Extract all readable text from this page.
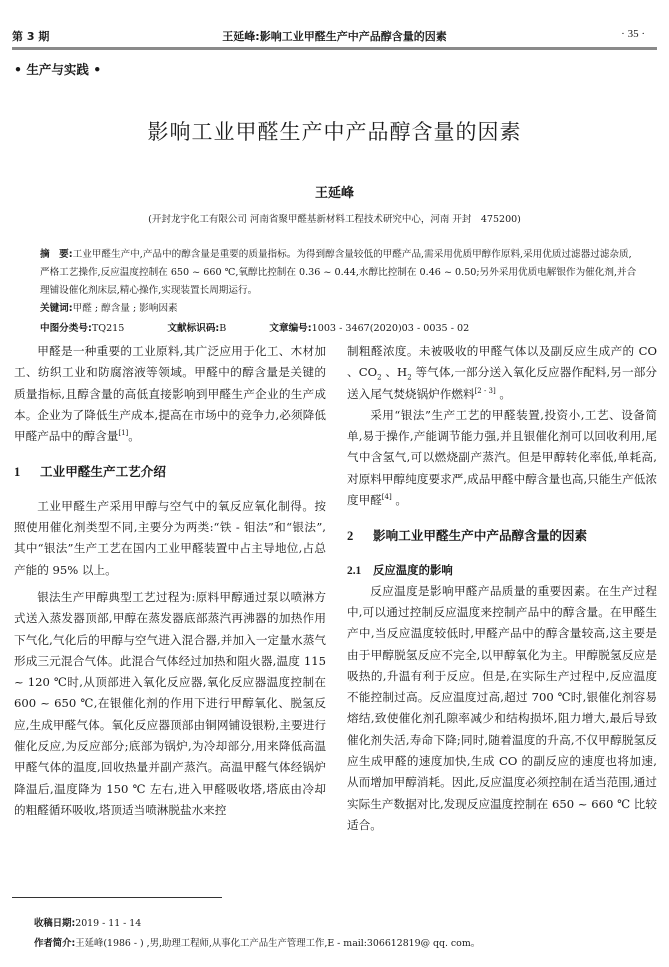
第 3 期	王延峰:影响工业甲醛生产中产品醇含量的因素	· 35 ·
• 生产与实践 •
影响工业甲醛生产中产品醇含量的因素
王延峰
(开封龙宇化工有限公司 河南省聚甲醛基新材料工程技术研究中心，河南 开封　475200)
摘　要:工业甲醛生产中,产品中的醇含量是重要的质量指标。为得到醇含量较低的甲醛产品,需采用优质甲醇作原料,采用优质过滤器过滤杂质,严格工艺操作,反应温度控制在 650 ~ 660 ℃,氧醇比控制在 0.36 ~ 0.44,水醇比控制在 0.46 ~ 0.50;另外采用优质电解银作为催化剂,并合理铺设催化剂床层,精心操作,实现装置长周期运行。
关键词:甲醛 ; 醇含量 ; 影响因素
中图分类号:TQ215	文献标识码:B	文章编号:1003 - 3467(2020)03 - 0035 - 02

甲醛是一种重要的工业原料,其广泛应用于化工、木材加工、纺织工业和防腐溶液等领域。甲醛中的醇含量是关键的质量指标,且醇含量的高低直接影响到甲醛生产企业的生产成本。企业为了降低生产成本,提高在市场中的竞争力,必须降低甲醛产品中的醇含量[1]。

1 工业甲醛生产工艺介绍

工业甲醛生产采用甲醇与空气中的氧反应氧化制得。按照使用催化剂类型不同,主要分为两类:“铁 - 钼法”和“银法”,其中“银法”生产工艺在国内工业甲醛装置中占主导地位,占总产能的 95% 以上。

银法生产甲醇典型工艺过程为:原料甲醇通过泵以喷淋方式送入蒸发器顶部,甲醇在蒸发器底部蒸汽再沸器的加热作用下气化,气化后的甲醇与空气进入混合器,并加入一定量水蒸气形成三元混合气体。此混合气体经过加热和阻火器,温度 115 ~ 120 ℃时,从顶部进入氧化反应器,氧化反应器温度控制在 600 ~ 650 ℃,在银催化剂的作用下进行甲醇氧化、脱氢反应,生成甲醛气体。氧化反应器顶部由铜网铺设银粉,主要进行催化反应,为反应部分;底部为锅炉,为冷却部分,用来降低高温甲醛气体的温度,回收热量并副产蒸汽。高温甲醛气体经锅炉降温后,温度降为 150 ℃ 左右,进入甲醛吸收塔,塔底由冷却的粗醛循环吸收,塔顶适当喷淋脱盐水来控

制粗醛浓度。未被吸收的甲醛气体以及副反应生成产的 CO 、$CO_2$ 、$H_2$ 等气体,一部分送入氧化反应器作配料,另一部分送入尾气焚烧锅炉作燃料[2 - 3] 。

采用“银法”生产工艺的甲醛装置,投资小,工艺、设备简单,易于操作,产能调节能力强,并且银催化剂可以回收利用,尾气中含氢气,可以燃烧副产蒸汽。但是甲醇转化率低,单耗高,对原料甲醇纯度要求严,成品甲醛中醇含量也高,只能生产低浓度甲醛[4] 。

2 影响工业甲醛生产中产品醇含量的因素
2.1 反应温度的影响

反应温度是影响甲醛产品质量的重要因素。在生产过程中,可以通过控制反应温度来控制产品中的醇含量。在甲醛生产中,当反应温度较低时,甲醛产品中的醇含量较高,这主要是由于甲醇脱氢反应不完全,以甲醇氧化为主。甲醇脱氢反应是吸热的,升温有利于反应。但是,在实际生产过程中,反应温度不能控制过高。反应温度过高,超过 700 ℃时,银催化剂容易熔结,致使催化剂孔隙率减少和结构损坏,阻力增大,最后导致催化剂失活,寿命下降;同时,随着温度的升高,不仅甲醇脱氢反应生成甲醛的速度加快,生成 CO 的副反应的速度也将加速,从而增加甲醇消耗。因此,反应温度必须控制在适当范围,通过实际生产数据对比,发现反应温度控制在 650 ~ 660 ℃ 比较适合。

收稿日期:2019 - 11 - 14
作者简介:王延峰(1986 - ) ,男,助理工程师,从事化工产品生产管理工作,E - mail:306612819@ qq. com。
